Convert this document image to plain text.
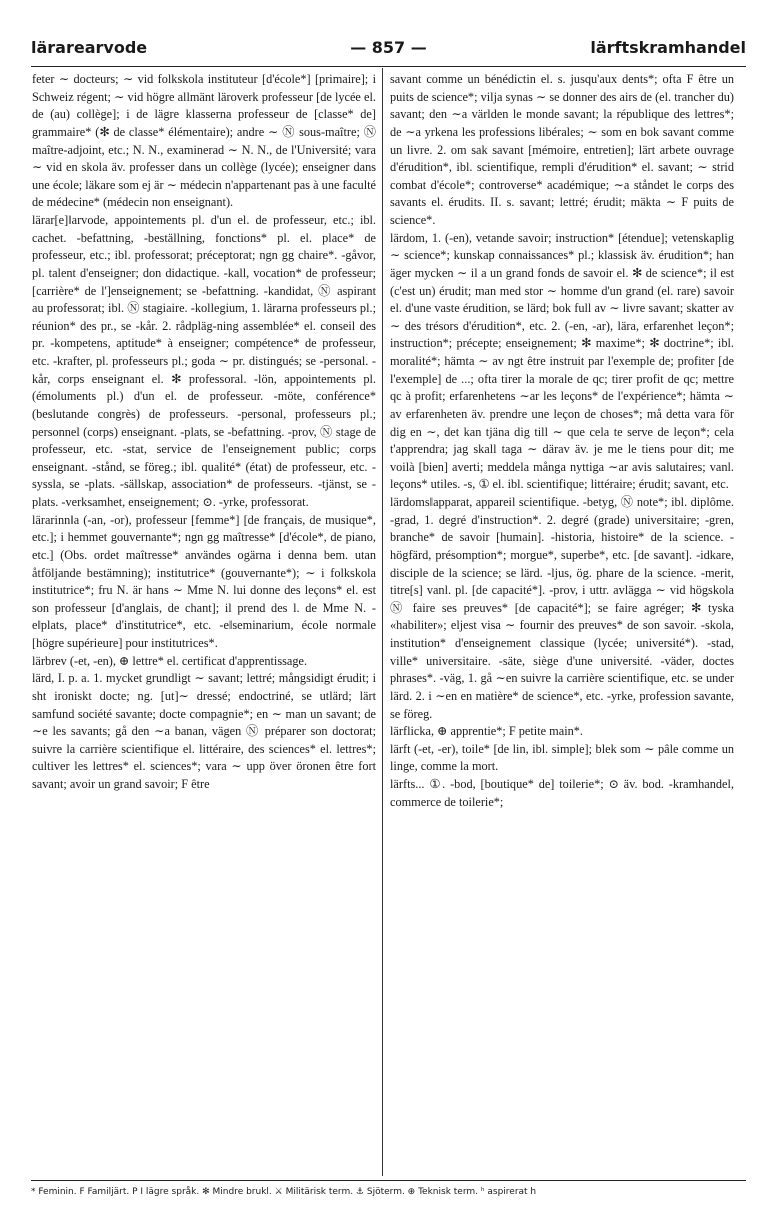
lärarearvode	— 857 —	lärftskramhandel

feter ∼ docteurs; ∼ vid folkskola instituteur [d'école*] [primaire]; i Schweiz régent; ∼ vid högre allmänt läroverk professeur [de lycée el. de (au) collège]; i de lägre klasserna professeur de [classe* de] grammaire* (✻ de classe* élémentaire); andre ∼ Ⓝ sous-maître; Ⓝ maître-adjoint, etc.; N. N., examinerad ∼ N. N., de l'Université; vara ∼ vid en skola äv. professer dans un collège (lycée); enseigner dans une école; läkare som ej är ∼ médecin n'appartenant pas à une faculté de médecine* (médecin non enseignant).

lärar[e]‖arvode, appointements pl. d'un el. de professeur, etc.; ibl. cachet. -befattning, -beställning, fonctions* pl. el. place* de professeur, etc.; ibl. professorat; préceptorat; ngn gg chaire*. -gåvor, pl. talent d'enseigner; don didactique. -kall, vocation* de professeur; [carrière* de l']enseignement; se -befattning. -kandidat, Ⓝ aspirant au professorat; ibl. Ⓝ stagiaire. -kollegium, 1. lärarna professeurs pl.; réunion* des pr., se -kår. 2. rådpläg-ning assemblée* el. conseil des pr. -kompetens, aptitude* à enseigner; compétence* de professeur, etc. -krafter, pl. professeurs pl.; goda ∼ pr. distingués; se -personal. -kår, corps enseignant el. ✻ professoral. -lön, appointements pl. (émoluments pl.) d'un el. de professeur. -möte, conférence* (beslutande congrès) de professeurs. -personal, professeurs pl.; personnel (corps) enseignant. -plats, se -befattning. -prov, Ⓝ stage de professeur, etc. -stat, service de l'enseignement public; corps enseignant. -stånd, se föreg.; ibl. qualité* (état) de professeur, etc. -syssla, se -plats. -sällskap, association* de professeurs. -tjänst, se -plats. -verksamhet, enseignement; ⊙. -yrke, professorat.

lärarinn‖a (-an, -or), professeur [femme*] [de français, de musique*, etc.]; i hemmet gouvernante*; ngn gg maîtresse* [d'école*, de piano, etc.] (Obs. ordet maîtresse* användes ogärna i denna bem. utan åtföljande bestämning); institutrice* (gouvernante*); ∼ i folkskola institutrice*; fru N. är hans ∼ Mme N. lui donne des leçons* el. est son professeur [d'anglais, de chant]; il prend des l. de Mme N. -e‖plats, place* d'institutrice*, etc. -e‖seminarium, école normale [högre supérieure] pour institutrices*.

lärbrev (-et, -en), ⊕ lettre* el. certificat d'apprentissage.

lärd, I. p. a. 1. mycket grundligt ∼ savant; lettré; mångsidigt érudit; i sht ironiskt docte; ng. [ut]∼ dressé; endoctriné, se utlärd; lärt samfund société savante; docte compagnie*; en ∼ man un savant; de ∼e les savants; gå den ∼a banan, vägen Ⓝ préparer son doctorat; suivre la carrière scientifique el. littéraire, des sciences* el. lettres*; cultiver les lettres* el. sciences*; vara ∼ upp över öronen être fort savant; avoir un grand savoir; F être

savant comme un bénédictin el. s. jusqu'aux dents*; ofta F être un puits de science*; vilja synas ∼ se donner des airs de (el. trancher du) savant; den ∼a världen le monde savant; la république des lettres*; de ∼a yrkena les professions libérales; ∼ som en bok savant comme un livre. 2. om sak savant [mémoire, entretien]; lärt arbete ouvrage d'érudition*, ibl. scientifique, rempli d'érudition* el. savant; ∼ strid combat d'école*; controverse* académique; ∼a ståndet le corps des savants el. érudits. II. s. savant; lettré; érudit; mäkta ∼ F puits de science*.

lärdom, 1. (-en), vetande savoir; instruction* [étendue]; vetenskaplig ∼ science*; kunskap connaissances* pl.; klassisk äv. érudition*; han äger mycken ∼ il a un grand fonds de savoir el. ✻ de science*; il est (c'est un) érudit; man med stor ∼ homme d'un grand (el. rare) savoir el. d'une vaste érudition, se lärd; bok full av ∼ livre savant; skatter av ∼ des trésors d'érudition*, etc. 2. (-en, -ar), lära, erfarenhet leçon*; instruction*; précepte; enseignement; ✻ maxime*; ✻ doctrine*; ibl. moralité*; hämta ∼ av ngt être instruit par l'exemple de; profiter [de l'exemple] de ...; ofta tirer la morale de qc; tirer profit de qc; mettre qc à profit; erfarenhetens ∼ar les leçons* de l'expérience*; hämta ∼ av erfarenheten äv. prendre une leçon de choses*; må detta vara för dig en ∼, det kan tjäna dig till ∼ que cela te serve de leçon*; cela t'apprendra; jag skall taga ∼ därav äv. je me le tiens pour dit; me voilà [bien] averti; meddela många nyttiga ∼ar avis salutaires; vanl. leçons* utiles. -s, ① el. ibl. scientifique; littéraire; érudit; savant, etc.

lärdoms‖apparat, appareil scientifique. -betyg, Ⓝ note*; ibl. diplôme. -grad, 1. degré d'instruction*. 2. degré (grade) universitaire; -gren, branche* de savoir [humain]. -historia, histoire* de la science. -högfärd, présomption*; morgue*, superbe*, etc. [de savant]. -idkare, disciple de la science; se lärd. -ljus, ög. phare de la science. -merit, titre[s] vanl. pl. [de capacité*]. -prov, i uttr. avlägga ∼ vid högskola Ⓝ faire ses preuves* [de capacité*]; se faire agréger; ✻ tyska «habiliter»; eljest visa ∼ fournir des preuves* de son savoir. -skola, institution* d'enseignement classique (lycée; université*). -stad, ville* universitaire. -säte, siège d'une université. -väder, doctes phrases*. -väg, 1. gå ∼en suivre la carrière scientifique, etc. se under lärd. 2. i ∼en en matière* de science*, etc. -yrke, profession savante, se föreg.

lärflicka, ⊕ apprentie*; F petite main*.

lärft (-et, -er), toile* [de lin, ibl. simple]; blek som ∼ pâle comme un linge, comme la mort.

lärfts... ①. -bod, [boutique* de] toilerie*; ⊙ äv. bod. -kramhandel, commerce de toilerie*;

* Feminin. F Familjärt. P I lägre språk. ✻ Mindre brukl. ⚔ Militärisk term. ⚓ Sjöterm. ⊕ Teknisk term. ʰ aspirerat h
